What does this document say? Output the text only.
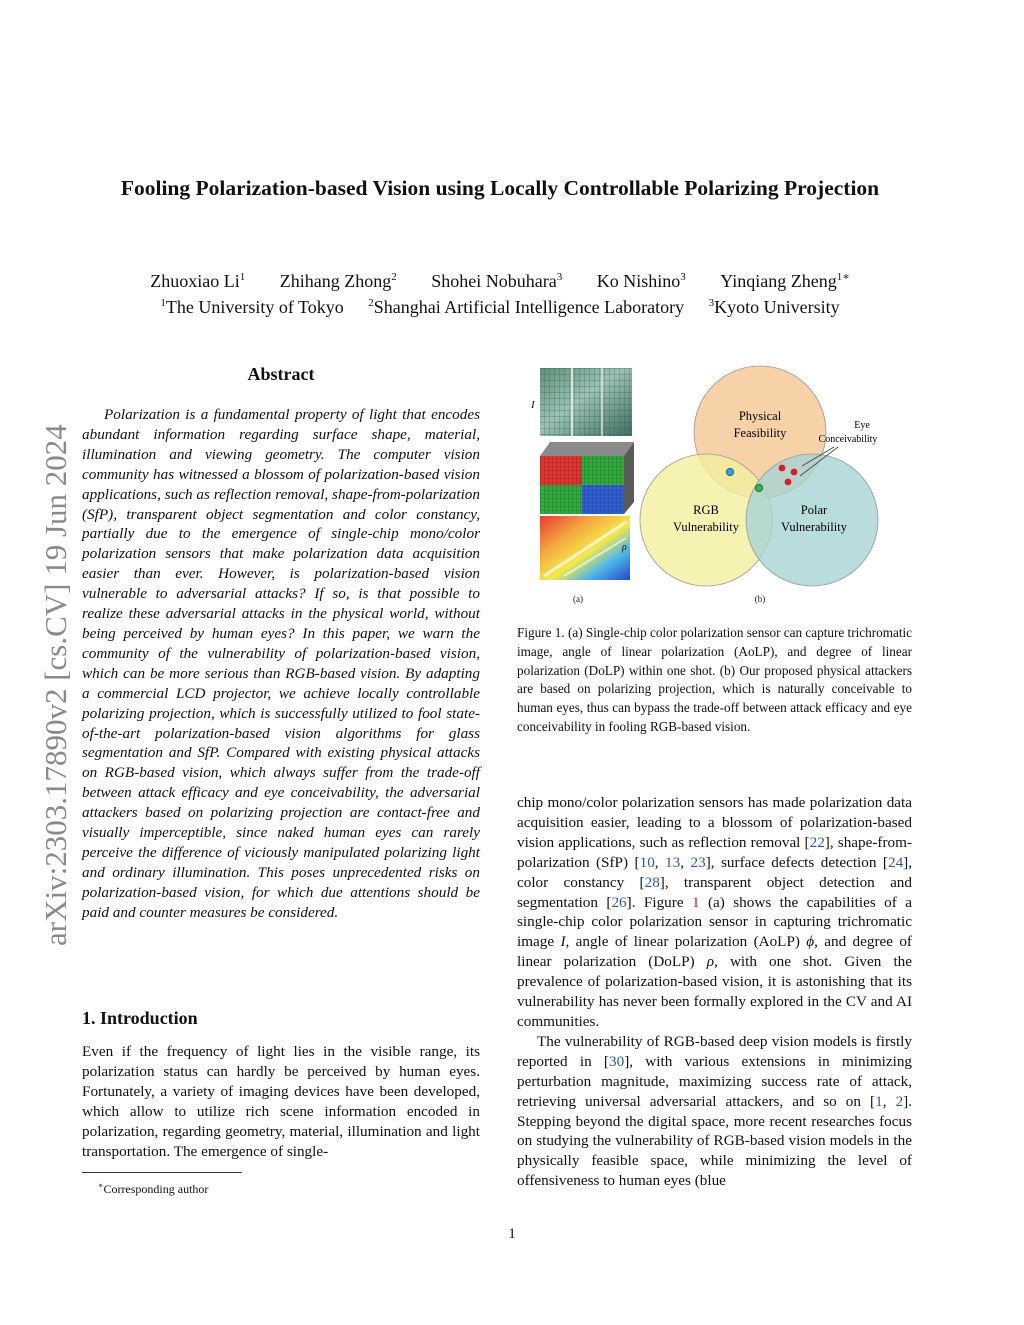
Fooling Polarization-based Vision using Locally Controllable Polarizing Projection
Zhuoxiao Li$^1$ Zhihang Zhong$^2$ Shohei Nobuhara$^3$ Ko Nishino$^3$ Yinqiang Zheng$^{1∗}$
$^1$The University of Tokyo $^2$Shanghai Artificial Intelligence Laboratory $^3$Kyoto University
arXiv:2303.17890v2 [cs.CV] 19 Jun 2024
Abstract
Polarization is a fundamental property of light that encodes abundant information regarding surface shape, material, illumination and viewing geometry. The computer vision community has witnessed a blossom of polarization-based vision applications, such as reflection removal, shape-from-polarization (SfP), transparent object segmentation and color constancy, partially due to the emergence of single-chip mono/color polarization sensors that make polarization data acquisition easier than ever. However, is polarization-based vision vulnerable to adversarial attacks? If so, is that possible to realize these adversarial attacks in the physical world, without being perceived by human eyes? In this paper, we warn the community of the vulnerability of polarization-based vision, which can be more serious than RGB-based vision. By adapting a commercial LCD projector, we achieve locally controllable polarizing projection, which is successfully utilized to fool state-of-the-art polarization-based vision algorithms for glass segmentation and SfP. Compared with existing physical attacks on RGB-based vision, which always suffer from the trade-off between attack efficacy and eye conceivability, the adversarial attackers based on polarizing projection are contact-free and visually imperceptible, since naked human eyes can rarely perceive the difference of viciously manipulated polarizing light and ordinary illumination. This poses unprecedented risks on polarization-based vision, for which due attentions should be paid and counter measures be considered.
1. Introduction
Even if the frequency of light lies in the visible range, its polarization status can hardly be perceived by human eyes. Fortunately, a variety of imaging devices have been developed, which allow to utilize rich scene information encoded in polarization, regarding geometry, material, illumination and light transportation. The emergence of single-
∗Corresponding author
I
ρ
(a)
Physical
Feasibility
RGB
Vulnerability
Polar
Vulnerability
Eye
Conceivability
(b)
Figure 1. (a) Single-chip color polarization sensor can capture trichromatic image, angle of linear polarization (AoLP), and degree of linear polarization (DoLP) within one shot. (b) Our proposed physical attackers are based on polarizing projection, which is naturally conceivable to human eyes, thus can bypass the trade-off between attack efficacy and eye conceivability in fooling RGB-based vision.

chip mono/color polarization sensors has made polarization data acquisition easier, leading to a blossom of polarization-based vision applications, such as reflection removal [22], shape-from-polarization (SfP) [10, 13, 23], surface defects detection [24], color constancy [28], transparent object detection and segmentation [26]. Figure 1 (a) shows the capabilities of a single-chip color polarization sensor in capturing trichromatic image I, angle of linear polarization (AoLP) ϕ, and degree of linear polarization (DoLP) ρ, with one shot. Given the prevalence of polarization-based vision, it is astonishing that its vulnerability has never been formally explored in the CV and AI communities.

The vulnerability of RGB-based deep vision models is firstly reported in [30], with various extensions in minimizing perturbation magnitude, maximizing success rate of attack, retrieving universal adversarial attackers, and so on [1, 2]. Stepping beyond the digital space, more recent researches focus on studying the vulnerability of RGB-based vision models in the physically feasible space, while minimizing the level of offensiveness to human eyes (blue

1
